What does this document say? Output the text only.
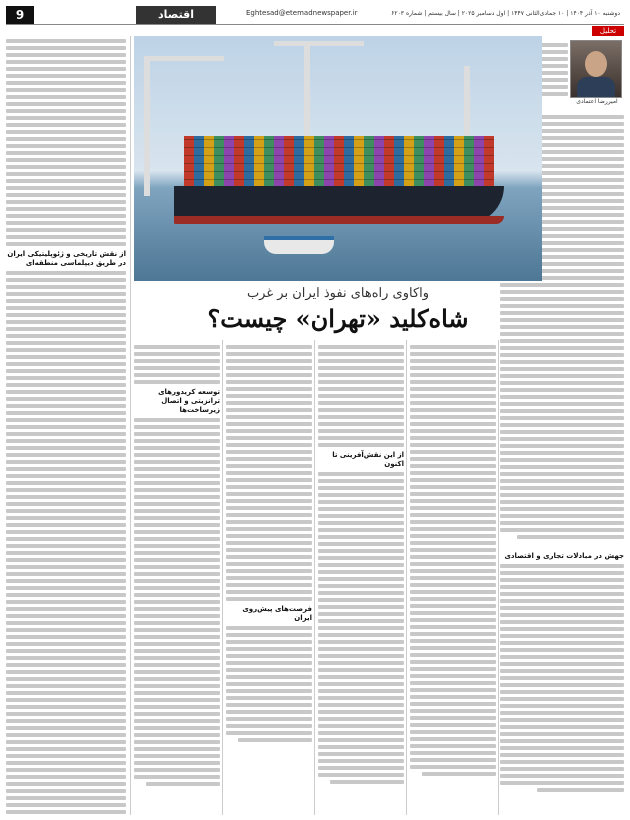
9	اقتصاد	Eghtesad@etemadnewspaper.ir	دوشنبه ۱۰ آذر ۱۴۰۴ | ۱۰ جمادی‌الثانی ۱۴۴۷ | اول دسامبر ۲۰۲۵ | سال بیستم | شماره ۶۲۰۳
تحلیل
امیررضا اعتمادی
جهش در مبادلات تجاری و اقتصادی
از نقش تاریخی و ژئوپلیتیکی ایران در طریق دیپلماسی منطقه‌ای
واکاوی راه‌های نفوذ ایران بر غرب
شاه‌کلید «تهران» چیست؟
از این نقش‌آفرینی تا اکنون
فرصت‌های پیش‌روی ایران
توسعه کریدورهای ترانزیتی و اتصال زیرساخت‌ها
